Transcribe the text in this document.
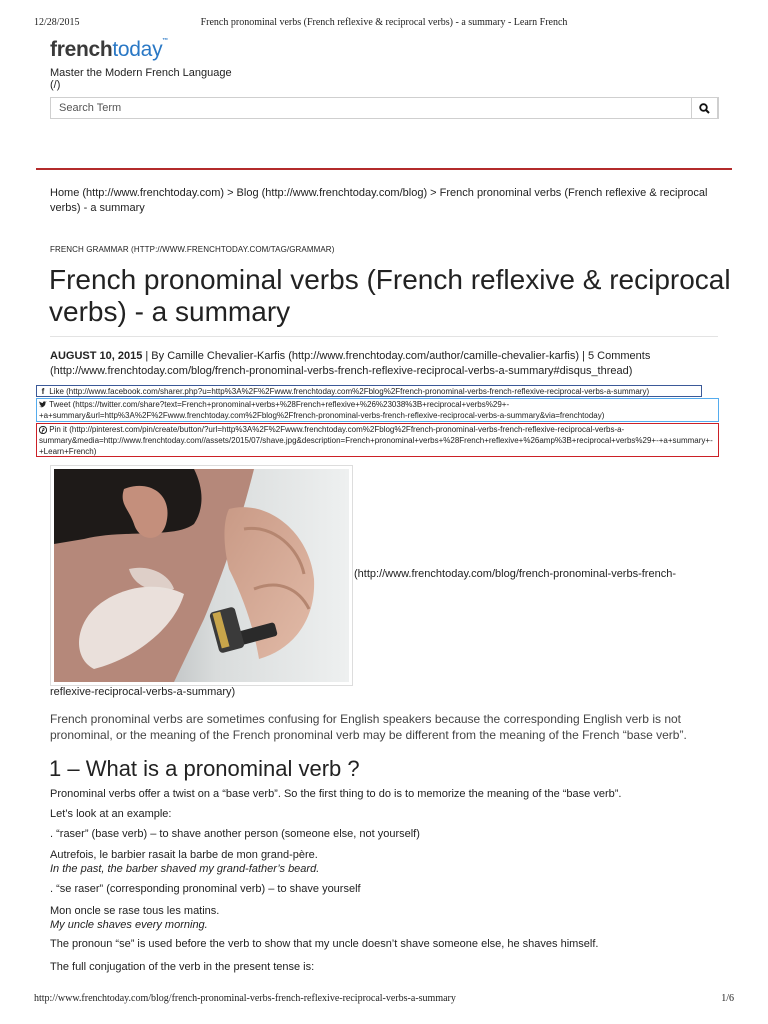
12/28/2015	French pronominal verbs (French reflexive & reciprocal verbs) - a summary - Learn French
frenchtoday™
Master the Modern French Language
(/)
Search Term
Home (http://www.frenchtoday.com) > Blog (http://www.frenchtoday.com/blog) > French pronominal verbs (French reflexive & reciprocal verbs) - a summary
FRENCH GRAMMAR (HTTP://WWW.FRENCHTODAY.COM/TAG/GRAMMAR)
French pronominal verbs (French reflexive & reciprocal verbs) - a summary
AUGUST 10, 2015 | By Camille Chevalier-Karfis (http://www.frenchtoday.com/author/camille-chevalier-karfis) | 5 Comments (http://www.frenchtoday.com/blog/french-pronominal-verbs-french-reflexive-reciprocal-verbs-a-summary#disqus_thread)
f Like (http://www.facebook.com/sharer.php?u=http%3A%2F%2Fwww.frenchtoday.com%2Fblog%2Ffrench-pronominal-verbs-french-reflexive-reciprocal-verbs-a-summary)
Tweet (https://twitter.com/share?text=French+pronominal+verbs+%28French+reflexive+%26%23038%3B+reciprocal+verbs%29+-+a+summary&url=http%3A%2F%2Fwww.frenchtoday.com%2Fblog%2Ffrench-pronominal-verbs-french-reflexive-reciprocal-verbs-a-summary&via=frenchtoday)
Pin it (http://pinterest.com/pin/create/button/?url=http%3A%2F%2Fwww.frenchtoday.com%2Fblog%2Ffrench-pronominal-verbs-french-reflexive-reciprocal-verbs-a-summary&media=http://www.frenchtoday.com//assets/2015/07/shave.jpg&description=French+pronominal+verbs+%28French+reflexive+%26amp%3B+reciprocal+verbs%29+-+a+summary+-+Learn+French)
(http://www.frenchtoday.com/blog/french-pronominal-verbs-french-
reflexive-reciprocal-verbs-a-summary)
French pronominal verbs are sometimes confusing for English speakers because the corresponding English verb is not pronominal, or the meaning of the French pronominal verb may be different from the meaning of the French “base verb”.
1 – What is a pronominal verb ?
Pronominal verbs offer a twist on a “base verb”. So the first thing to do is to memorize the meaning of the “base verb”.
Let’s look at an example:
. “raser” (base verb) – to shave another person (someone else, not yourself)
Autrefois, le barbier rasait la barbe de mon grand-père.
In the past, the barber shaved my grand-father’s beard.
. “se raser” (corresponding pronominal verb) – to shave yourself
Mon oncle se rase tous les matins.
My uncle shaves every morning.
The pronoun “se” is used before the verb to show that my uncle doesn’t shave someone else, he shaves himself.
The full conjugation of the verb in the present tense is:
http://www.frenchtoday.com/blog/french-pronominal-verbs-french-reflexive-reciprocal-verbs-a-summary	1/6
